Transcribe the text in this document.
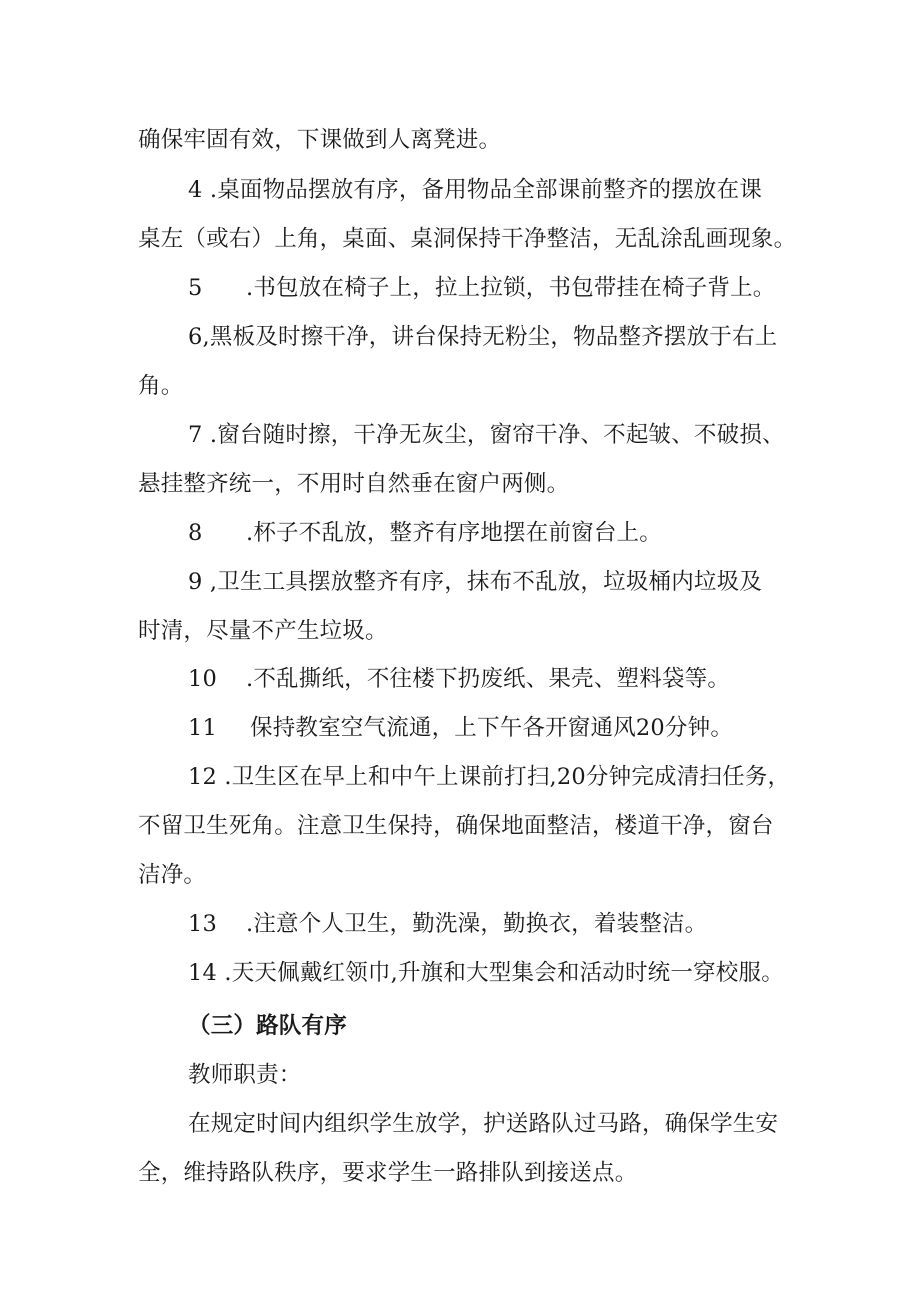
确保牢固有效，下课做到人离凳进。
4 .桌面物品摆放有序，备用物品全部课前整齐的摆放在课
桌左（或右）上角，桌面、桌洞保持干净整洁，无乱涂乱画现象。
5 .书包放在椅子上，拉上拉锁，书包带挂在椅子背上。
6,黑板及时擦干净，讲台保持无粉尘，物品整齐摆放于右上
角。
7 .窗台随时擦，干净无灰尘，窗帘干净、不起皱、不破损、
悬挂整齐统一，不用时自然垂在窗户两侧。
8 .杯子不乱放，整齐有序地摆在前窗台上。
9 ,卫生工具摆放整齐有序，抹布不乱放，垃圾桶内垃圾及
时清，尽量不产生垃圾。
10 .不乱撕纸，不往楼下扔废纸、果壳、塑料袋等。
11 保持教室空气流通，上下午各开窗通风20分钟。
12 .卫生区在早上和中午上课前打扫,20分钟完成清扫任务，
不留卫生死角。注意卫生保持，确保地面整洁，楼道干净，窗台
洁净。
13 .注意个人卫生，勤洗澡，勤换衣，着装整洁。
14 .天天佩戴红领巾,升旗和大型集会和活动时统一穿校服。
（三）路队有序
教师职责：
在规定时间内组织学生放学，护送路队过马路，确保学生安
全，维持路队秩序，要求学生一路排队到接送点。
